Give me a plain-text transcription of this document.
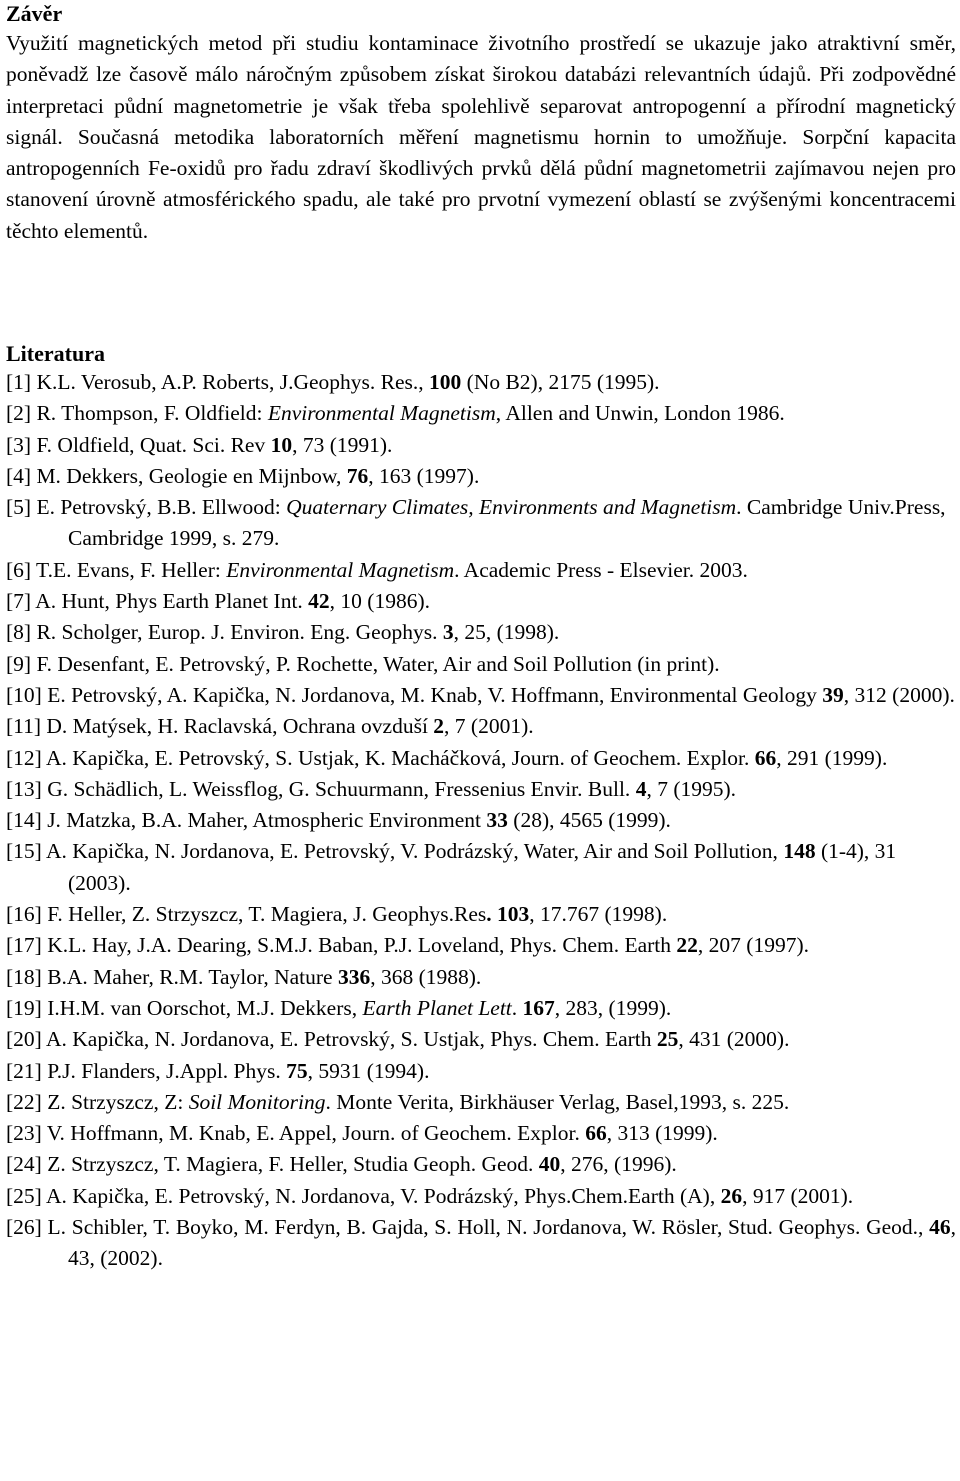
Závěr

Využití magnetických metod při studiu kontaminace životního prostředí se ukazuje jako atraktivní směr, poněvadž lze časově málo náročným způsobem získat širokou databázi relevantních údajů. Při zodpovědné interpretaci půdní magnetometrie je však třeba spolehlivě separovat antropogenní a přírodní magnetický signál. Současná metodika laboratorních měření magnetismu hornin to umožňuje. Sorpční kapacita antropogenních Fe-oxidů pro řadu zdraví škodlivých prvků dělá půdní magnetometrii zajímavou nejen pro stanovení úrovně atmosférického spadu, ale také pro prvotní vymezení oblastí se zvýšenými koncentracemi těchto elementů.

Literatura
[1] K.L. Verosub, A.P. Roberts, J.Geophys. Res., 100 (No B2), 2175 (1995).
[2] R. Thompson, F. Oldfield: Environmental Magnetism, Allen and Unwin, London 1986.
[3] F. Oldfield, Quat. Sci. Rev 10, 73 (1991).
[4] M. Dekkers, Geologie en Mijnbow, 76, 163 (1997).
[5] E. Petrovský, B.B. Ellwood: Quaternary Climates, Environments and Magnetism. Cambridge Univ.Press, Cambridge 1999, s. 279.
[6] T.E. Evans, F. Heller: Environmental Magnetism. Academic Press - Elsevier. 2003.
[7] A. Hunt, Phys Earth Planet Int. 42, 10 (1986).
[8] R. Scholger, Europ. J. Environ. Eng. Geophys. 3, 25, (1998).
[9] F. Desenfant, E. Petrovský, P. Rochette, Water, Air and Soil Pollution (in print).
[10] E. Petrovský, A. Kapička, N. Jordanova, M. Knab, V. Hoffmann, Environmental Geology 39, 312 (2000).
[11] D. Matýsek, H. Raclavská, Ochrana ovzduší 2, 7 (2001).
[12] A. Kapička, E. Petrovský, S. Ustjak, K. Macháčková, Journ. of Geochem. Explor. 66, 291 (1999).
[13] G. Schädlich, L. Weissflog, G. Schuurmann, Fressenius Envir. Bull. 4, 7 (1995).
[14] J. Matzka, B.A. Maher, Atmospheric Environment 33 (28), 4565 (1999).
[15] A. Kapička, N. Jordanova, E. Petrovský, V. Podrázský, Water, Air and Soil Pollution, 148 (1-4), 31 (2003).
[16] F. Heller, Z. Strzyszcz, T. Magiera, J. Geophys.Res. 103, 17.767 (1998).
[17] K.L. Hay, J.A. Dearing, S.M.J. Baban, P.J. Loveland, Phys. Chem. Earth 22, 207 (1997).
[18] B.A. Maher, R.M. Taylor, Nature 336, 368 (1988).
[19] I.H.M. van Oorschot, M.J. Dekkers, Earth Planet Lett. 167, 283, (1999).
[20] A. Kapička, N. Jordanova, E. Petrovský, S. Ustjak, Phys. Chem. Earth 25, 431 (2000).
[21] P.J. Flanders, J.Appl. Phys. 75, 5931 (1994).
[22] Z. Strzyszcz, Z: Soil Monitoring. Monte Verita, Birkhäuser Verlag, Basel,1993, s. 225.
[23] V. Hoffmann, M. Knab, E. Appel, Journ. of Geochem. Explor. 66, 313 (1999).
[24] Z. Strzyszcz, T. Magiera, F. Heller, Studia Geoph. Geod. 40, 276, (1996).
[25] A. Kapička, E. Petrovský, N. Jordanova, V. Podrázský, Phys.Chem.Earth (A), 26, 917 (2001).
[26] L. Schibler, T. Boyko, M. Ferdyn, B. Gajda, S. Holl, N. Jordanova, W. Rösler, Stud. Geophys. Geod., 46, 43, (2002).
